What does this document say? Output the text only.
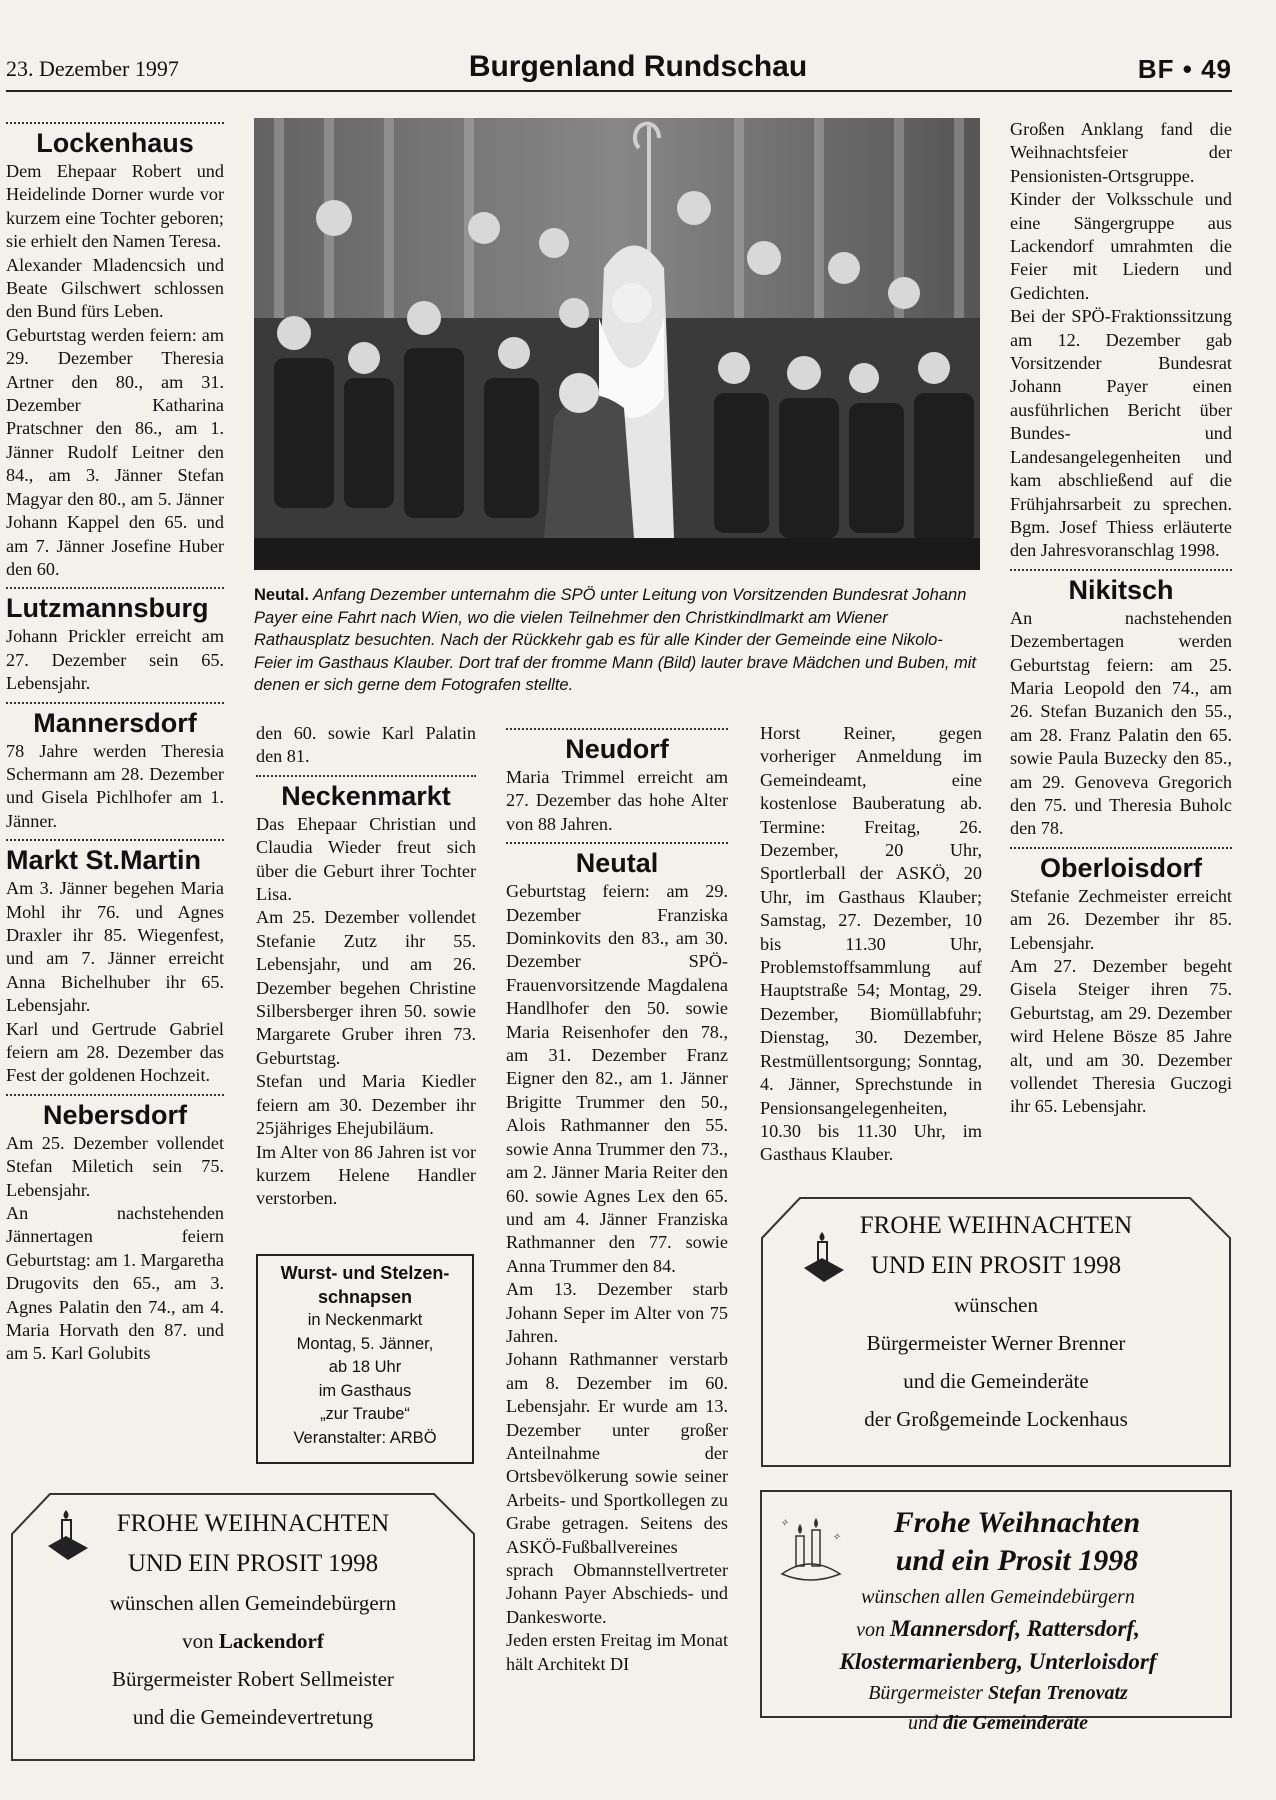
23. Dezember 1997	Burgenland Rundschau	BF • 49
Lockenhaus

Dem Ehepaar Robert und Heidelinde Dorner wurde vor kurzem eine Tochter geboren; sie erhielt den Namen Teresa.

Alexander Mladencsich und Beate Gilschwert schlossen den Bund fürs Leben.

Geburtstag werden feiern: am 29. Dezember Theresia Artner den 80., am 31. Dezember Katharina Pratschner den 86., am 1. Jänner Rudolf Leitner den 84., am 3. Jänner Stefan Magyar den 80., am 5. Jänner Johann Kappel den 65. und am 7. Jänner Josefine Huber den 60.

Lutzmannsburg

Johann Prickler erreicht am 27. Dezember sein 65. Lebensjahr.

Mannersdorf

78 Jahre werden Theresia Schermann am 28. Dezember und Gisela Pichlhofer am 1. Jänner.

Markt St.Martin

Am 3. Jänner begehen Maria Mohl ihr 76. und Agnes Draxler ihr 85. Wiegenfest, und am 7. Jänner erreicht Anna Bichelhuber ihr 65. Lebensjahr.

Karl und Gertrude Gabriel feiern am 28. Dezember das Fest der goldenen Hochzeit.

Nebersdorf

Am 25. Dezember vollendet Stefan Miletich sein 75. Lebensjahr.

An nachstehenden Jännertagen feiern Geburtstag: am 1. Margaretha Drugovits den 65., am 3. Agnes Palatin den 74., am 4. Maria Horvath den 87. und am 5. Karl Golubits

Neutal. Anfang Dezember unternahm die SPÖ unter Leitung von Vorsitzenden Bundesrat Johann Payer eine Fahrt nach Wien, wo die vielen Teilnehmer den Christkindlmarkt am Wiener Rathausplatz besuchten. Nach der Rückkehr gab es für alle Kinder der Gemeinde eine Nikolo-Feier im Gasthaus Klauber. Dort traf der fromme Mann (Bild) lauter brave Mädchen und Buben, mit denen er sich gerne dem Fotografen stellte.

den 60. sowie Karl Palatin den 81.

Neckenmarkt

Das Ehepaar Christian und Claudia Wieder freut sich über die Geburt ihrer Tochter Lisa.

Am 25. Dezember vollendet Stefanie Zutz ihr 55. Lebensjahr, und am 26. Dezember begehen Christine Silbersberger ihren 50. sowie Margarete Gruber ihren 73. Geburtstag.

Stefan und Maria Kiedler feiern am 30. Dezember ihr 25jähriges Ehejubiläum.

Im Alter von 86 Jahren ist vor kurzem Helene Handler verstorben.

Wurst- und Stelzen-
schnapsen
in Neckenmarkt
Montag, 5. Jänner,
ab 18 Uhr
im Gasthaus
„zur Traube“
Veranstalter: ARBÖ
Neudorf

Maria Trimmel erreicht am 27. Dezember das hohe Alter von 88 Jahren.

Neutal

Geburtstag feiern: am 29. Dezember Franziska Dominkovits den 83., am 30. Dezember SPÖ-Frauenvorsitzende Magdalena Handlhofer den 50. sowie Maria Reisenhofer den 78., am 31. Dezember Franz Eigner den 82., am 1. Jänner Brigitte Trummer den 50., Alois Rathmanner den 55. sowie Anna Trummer den 73., am 2. Jänner Maria Reiter den 60. sowie Agnes Lex den 65. und am 4. Jänner Franziska Rathmanner den 77. sowie Anna Trummer den 84.

Am 13. Dezember starb Johann Seper im Alter von 75 Jahren.

Johann Rathmanner verstarb am 8. Dezember im 60. Lebensjahr. Er wurde am 13. Dezember unter großer Anteilnahme der Ortsbevölkerung sowie seiner Arbeits- und Sportkollegen zu Grabe getragen. Seitens des ASKÖ-Fußballvereines sprach Obmannstellvertreter Johann Payer Abschieds- und Dankesworte.

Jeden ersten Freitag im Monat hält Architekt DI

Horst Reiner, gegen vorheriger Anmeldung im Gemeindeamt, eine kostenlose Bauberatung ab. Termine: Freitag, 26. Dezember, 20 Uhr, Sportlerball der ASKÖ, 20 Uhr, im Gasthaus Klauber; Samstag, 27. Dezember, 10 bis 11.30 Uhr, Problemstoffsammlung auf Hauptstraße 54; Montag, 29. Dezember, Biomüllabfuhr; Dienstag, 30. Dezember, Restmüllentsorgung; Sonntag, 4. Jänner, Sprechstunde in Pensionsangelegenheiten, 10.30 bis 11.30 Uhr, im Gasthaus Klauber.

Großen Anklang fand die Weihnachtsfeier der Pensionisten-Ortsgruppe. Kinder der Volksschule und eine Sängergruppe aus Lackendorf umrahmten die Feier mit Liedern und Gedichten.

Bei der SPÖ-Fraktionssitzung am 12. Dezember gab Vorsitzender Bundesrat Johann Payer einen ausführlichen Bericht über Bundes- und Landesangelegenheiten und kam abschließend auf die Frühjahrsarbeit zu sprechen. Bgm. Josef Thiess erläuterte den Jahresvoranschlag 1998.

Nikitsch

An nachstehenden Dezembertagen werden Geburtstag feiern: am 25. Maria Leopold den 74., am 26. Stefan Buzanich den 55., am 28. Franz Palatin den 65. sowie Paula Buzecky den 85., am 29. Genoveva Gregorich den 75. und Theresia Buholc den 78.

Oberloisdorf

Stefanie Zechmeister erreicht am 26. Dezember ihr 85. Lebensjahr.

Am 27. Dezember begeht Gisela Steiger ihren 75. Geburtstag, am 29. Dezember wird Helene Bösze 85 Jahre alt, und am 30. Dezember vollendet Theresia Guczogi ihr 65. Lebensjahr.

FROHE WEIHNACHTEN
UND EIN PROSIT 1998
wünschen
Bürgermeister Werner Brenner
und die Gemeinderäte
der Großgemeinde Lockenhaus
FROHE WEIHNACHTEN
UND EIN PROSIT 1998
wünschen allen Gemeindebürgern
von Lackendorf
Bürgermeister Robert Sellmeister
und die Gemeindevertretung
✧
✧	Frohe Weihnachten
und ein Prosit 1998
wünschen allen Gemeindebürgern
von Mannersdorf, Rattersdorf,
Klostermarienberg, Unterloisdorf
Bürgermeister Stefan Trenovatz
und die Gemeinderäte
